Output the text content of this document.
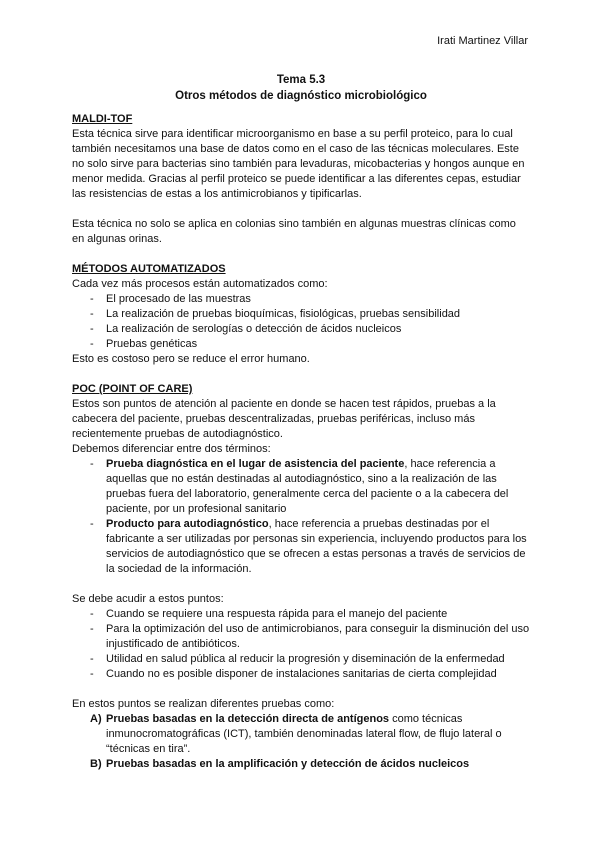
Irati Martinez Villar
Tema 5.3
Otros métodos de diagnóstico microbiológico

MALDI-TOF

Esta técnica sirve para identificar microorganismo en base a su perfil proteico, para lo cual también necesitamos una base de datos como en el caso de las técnicas moleculares. Este no solo sirve para bacterias sino también para levaduras, micobacterias y hongos aunque en menor medida. Gracias al perfil proteico se puede identificar a las diferentes cepas, estudiar las resistencias de estas a los antimicrobianos y tipificarlas.

Esta técnica no solo se aplica en colonias sino también en algunas muestras clínicas como en algunas orinas.

MÉTODOS AUTOMATIZADOS

Cada vez más procesos están automatizados como:

- El procesado de las muestras
- La realización de pruebas bioquímicas, fisiológicas, pruebas sensibilidad
- La realización de serologías o detección de ácidos nucleicos
- Pruebas genéticas

Esto es costoso pero se reduce el error humano.

POC (POINT OF CARE)

Estos son puntos de atención al paciente en donde se hacen test rápidos, pruebas a la cabecera del paciente, pruebas descentralizadas, pruebas periféricas, incluso más recientemente pruebas de autodiagnóstico.

Debemos diferenciar entre dos términos:

- Prueba diagnóstica en el lugar de asistencia del paciente, hace referencia a aquellas que no están destinadas al autodiagnóstico, sino a la realización de las pruebas fuera del laboratorio, generalmente cerca del paciente o a la cabecera del paciente, por un profesional sanitario
- Producto para autodiagnóstico, hace referencia a pruebas destinadas por el fabricante a ser utilizadas por personas sin experiencia, incluyendo productos para los servicios de autodiagnóstico que se ofrecen a estas personas a través de servicios de la sociedad de la información.

Se debe acudir a estos puntos:

- Cuando se requiere una respuesta rápida para el manejo del paciente
- Para la optimización del uso de antimicrobianos, para conseguir la disminución del uso injustificado de antibióticos.
- Utilidad en salud pública al reducir la progresión y diseminación de la enfermedad
- Cuando no es posible disponer de instalaciones sanitarias de cierta complejidad

En estos puntos se realizan diferentes pruebas como:

A) Pruebas basadas en la detección directa de antígenos como técnicas inmunocromatográficas (ICT), también denominadas lateral flow, de flujo lateral o “técnicas en tira”.
B) Pruebas basadas en la amplificación y detección de ácidos nucleicos
